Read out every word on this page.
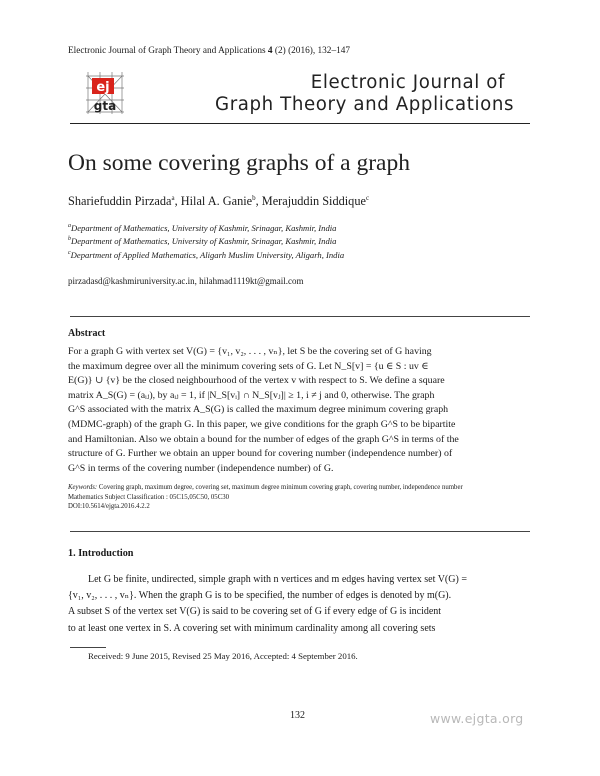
Electronic Journal of Graph Theory and Applications 4 (2) (2016), 132–147
ej
gta
Electronic Journal of
Graph Theory and Applications
On some covering graphs of a graph
Shariefuddin Pirzada$^a$, Hilal A. Ganie$^b$, Merajuddin Siddique$^c$
$^a$Department of Mathematics, University of Kashmir, Srinagar, Kashmir, India
$^b$Department of Mathematics, University of Kashmir, Srinagar, Kashmir, India
$^c$Department of Applied Mathematics, Aligarh Muslim University, Aligarh, India
pirzadasd@kashmiruniversity.ac.in, hilahmad1119kt@gmail.com
Abstract
For a graph G with vertex set V(G) = {v₁, v₂, . . . , vₙ}, let S be the covering set of G having
the maximum degree over all the minimum covering sets of G. Let N_S[v] = {u ∈ S : uv ∈
E(G)} ∪ {v} be the closed neighbourhood of the vertex v with respect to S. We define a square
matrix A_S(G) = (aᵢⱼ), by aᵢⱼ = 1, if |N_S[vᵢ] ∩ N_S[vⱼ]| ≥ 1, i ≠ j and 0, otherwise. The graph
G^S associated with the matrix A_S(G) is called the maximum degree minimum covering graph
(MDMC-graph) of the graph G. In this paper, we give conditions for the graph G^S to be bipartite
and Hamiltonian. Also we obtain a bound for the number of edges of the graph G^S in terms of the
structure of G. Further we obtain an upper bound for covering number (independence number) of
G^S in terms of the covering number (independence number) of G.
Keywords: Covering graph, maximum degree, covering set, maximum degree minimum covering graph, covering number, independence number
Mathematics Subject Classification : 05C15,05C50, 05C30
DOI:10.5614/ejgta.2016.4.2.2
1. Introduction
Let G be finite, undirected, simple graph with n vertices and m edges having vertex set V(G) =
{v₁, v₂, . . . , vₙ}. When the graph G is to be specified, the number of edges is denoted by m(G).
A subset S of the vertex set V(G) is said to be covering set of G if every edge of G is incident
to at least one vertex in S. A covering set with minimum cardinality among all covering sets
Received: 9 June 2015, Revised 25 May 2016, Accepted: 4 September 2016.
132	www.ejgta.org
